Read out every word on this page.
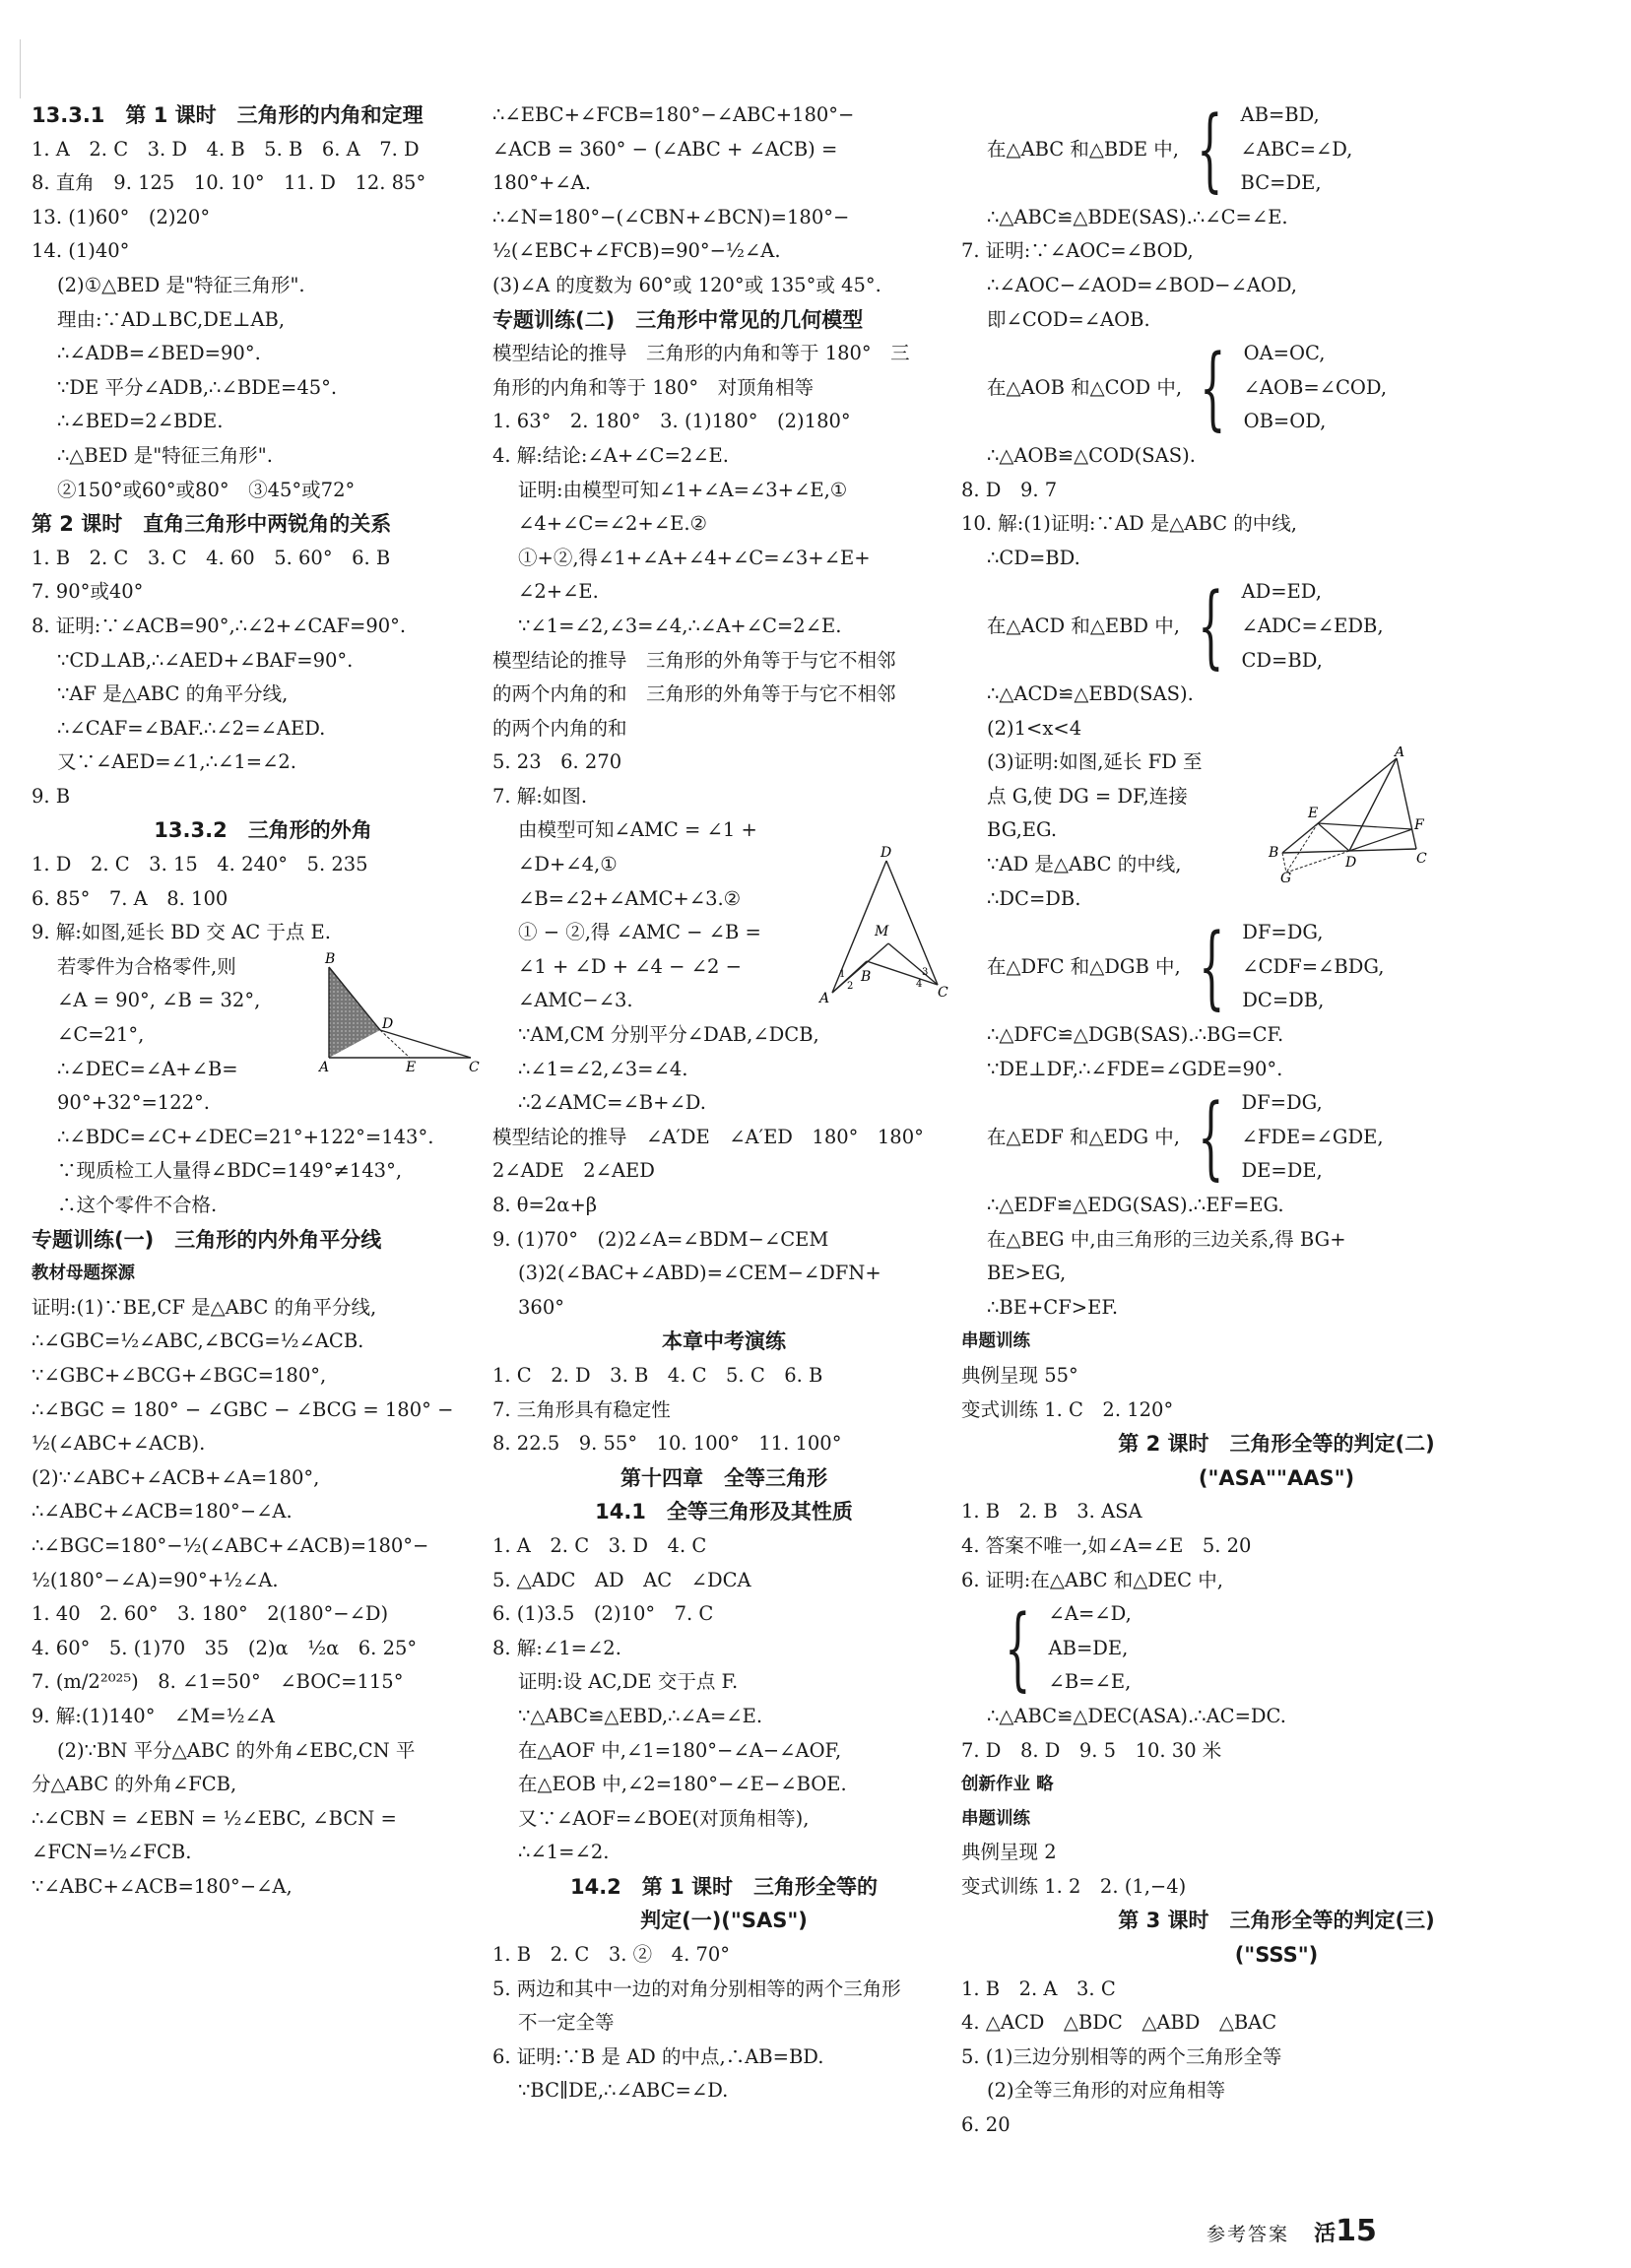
13.3.1　第 1 课时　三角形的内角和定理
1. A　2. C　3. D　4. B　5. B　6. A　7. D
8. 直角　9. 125　10. 10°　11. D　12. 85°
13. (1)60°　(2)20°
14. (1)40°
(2)①△BED 是"特征三角形".
理由:∵AD⊥BC,DE⊥AB,
∴∠ADB=∠BED=90°.
∵DE 平分∠ADB,∴∠BDE=45°.
∴∠BED=2∠BDE.
∴△BED 是"特征三角形".
②150°或60°或80°　③45°或72°
第 2 课时　直角三角形中两锐角的关系
1. B　2. C　3. C　4. 60　5. 60°　6. B
7. 90°或40°
8. 证明:∵∠ACB=90°,∴∠2+∠CAF=90°.
∵CD⊥AB,∴∠AED+∠BAF=90°.
∵AF 是△ABC 的角平分线,
∴∠CAF=∠BAF.∴∠2=∠AED.
又∵∠AED=∠1,∴∠1=∠2.
9. B
13.3.2　三角形的外角
1. D　2. C　3. 15　4. 240°　5. 235
6. 85°　7. A　8. 100
9. 解:如图,延长 BD 交 AC 于点 E.
若零件为合格零件,则
∠A = 90°, ∠B = 32°,
∠C=21°,
∴∠DEC=∠A+∠B=
90°+32°=122°.
∴∠BDC=∠C+∠DEC=21°+122°=143°.
∵现质检工人量得∠BDC=149°≠143°,
∴这个零件不合格.
专题训练(一)　三角形的内外角平分线
教材母题探源
证明:(1)∵BE,CF 是△ABC 的角平分线,
∴∠GBC=½∠ABC,∠BCG=½∠ACB.
∵∠GBC+∠BCG+∠BGC=180°,
∴∠BGC = 180° − ∠GBC − ∠BCG = 180° −
½(∠ABC+∠ACB).
(2)∵∠ABC+∠ACB+∠A=180°,
∴∠ABC+∠ACB=180°−∠A.
∴∠BGC=180°−½(∠ABC+∠ACB)=180°−
½(180°−∠A)=90°+½∠A.
1. 40　2. 60°　3. 180°　2(180°−∠D)
4. 60°　5. (1)70　35　(2)α　½α　6. 25°
7. (m/2²⁰²⁵)　8. ∠1=50°　∠BOC=115°
9. 解:(1)140°　∠M=½∠A
(2)∵BN 平分△ABC 的外角∠EBC,CN 平
分△ABC 的外角∠FCB,
∴∠CBN = ∠EBN = ½∠EBC, ∠BCN =
∠FCN=½∠FCB.
∵∠ABC+∠ACB=180°−∠A,
∴∠EBC+∠FCB=180°−∠ABC+180°−
∠ACB = 360° − (∠ABC + ∠ACB) =
180°+∠A.
∴∠N=180°−(∠CBN+∠BCN)=180°−
½(∠EBC+∠FCB)=90°−½∠A.
(3)∠A 的度数为 60°或 120°或 135°或 45°.
专题训练(二)　三角形中常见的几何模型
模型结论的推导　三角形的内角和等于 180°　三
角形的内角和等于 180°　对顶角相等
1. 63°　2. 180°　3. (1)180°　(2)180°
4. 解:结论:∠A+∠C=2∠E.
证明:由模型可知∠1+∠A=∠3+∠E,①
∠4+∠C=∠2+∠E.②
①+②,得∠1+∠A+∠4+∠C=∠3+∠E+
∠2+∠E.
∵∠1=∠2,∠3=∠4,∴∠A+∠C=2∠E.
模型结论的推导　三角形的外角等于与它不相邻
的两个内角的和　三角形的外角等于与它不相邻
的两个内角的和
5. 23　6. 270
7. 解:如图.
由模型可知∠AMC = ∠1 +
∠D+∠4,①
∠B=∠2+∠AMC+∠3.②
① − ②,得 ∠AMC − ∠B =
∠1 + ∠D + ∠4 − ∠2 −
∠AMC−∠3.
∵AM,CM 分别平分∠DAB,∠DCB,
∴∠1=∠2,∠3=∠4.
∴2∠AMC=∠B+∠D.
模型结论的推导　∠A′DE　∠A′ED　180°　180°
2∠ADE　2∠AED
8. θ=2α+β
9. (1)70°　(2)2∠A=∠BDM−∠CEM
(3)2(∠BAC+∠ABD)=∠CEM−∠DFN+
360°
本章中考演练
1. C　2. D　3. B　4. C　5. C　6. B
7. 三角形具有稳定性
8. 22.5　9. 55°　10. 100°　11. 100°
第十四章　全等三角形
14.1　全等三角形及其性质
1. A　2. C　3. D　4. C
5. △ADC　AD　AC　∠DCA
6. (1)3.5　(2)10°　7. C
8. 解:∠1=∠2.
证明:设 AC,DE 交于点 F.
∵△ABC≌△EBD,∴∠A=∠E.
在△AOF 中,∠1=180°−∠A−∠AOF,
在△EOB 中,∠2=180°−∠E−∠BOE.
又∵∠AOF=∠BOE(对顶角相等),
∴∠1=∠2.
14.2　第 1 课时　三角形全等的
判定(一)("SAS")
1. B　2. C　3. ②　4. 70°
5. 两边和其中一边的对角分别相等的两个三角形
不一定全等
6. 证明:∵B 是 AD 的中点,∴AB=BD.
∵BC∥DE,∴∠ABC=∠D.
在△ABC 和△BDE 中, { AB=BD,
∠ABC=∠D,
BC=DE,
∴△ABC≌△BDE(SAS).∴∠C=∠E.
7. 证明:∵∠AOC=∠BOD,
∴∠AOC−∠AOD=∠BOD−∠AOD,
即∠COD=∠AOB.
在△AOB 和△COD 中, { OA=OC,
∠AOB=∠COD,
OB=OD,
∴△AOB≌△COD(SAS).
8. D　9. 7
10. 解:(1)证明:∵AD 是△ABC 的中线,
∴CD=BD.
在△ACD 和△EBD 中, { AD=ED,
∠ADC=∠EDB,
CD=BD,
∴△ACD≌△EBD(SAS).
(2)1<x<4
(3)证明:如图,延长 FD 至
点 G,使 DG = DF,连接
BG,EG.
∵AD 是△ABC 的中线,
∴DC=DB.
在△DFC 和△DGB 中, { DF=DG,
∠CDF=∠BDG,
DC=DB,
∴△DFC≌△DGB(SAS).∴BG=CF.
∵DE⊥DF,∴∠FDE=∠GDE=90°.
在△EDF 和△EDG 中, { DF=DG,
∠FDE=∠GDE,
DE=DE,
∴△EDF≌△EDG(SAS).∴EF=EG.
在△BEG 中,由三角形的三边关系,得 BG+
BE>EG,
∴BE+CF>EF.
串题训练
典例呈现 55°
变式训练 1. C　2. 120°
第 2 课时　三角形全等的判定(二)
("ASA""AAS")
1. B　2. B　3. ASA
4. 答案不唯一,如∠A=∠E　5. 20
6. 证明:在△ABC 和△DEC 中,
{ ∠A=∠D,
AB=DE,
∠B=∠E,
∴△ABC≌△DEC(ASA).∴AC=DC.
7. D　8. D　9. 5　10. 30 米
创新作业 略
串题训练
典例呈现 2
变式训练 1. 2　2. (1,−4)
第 3 课时　三角形全等的判定(三)
("SSS")
1. B　2. A　3. C
4. △ACD　△BDC　△ABD　△BAC
5. (1)三边分别相等的两个三角形全等
(2)全等三角形的对应角相等
6. 20
B
D
A	E	C
D
M
A
B
C
1
2
3
4
A
E
F
B
D	C
G
参考答案 活15
